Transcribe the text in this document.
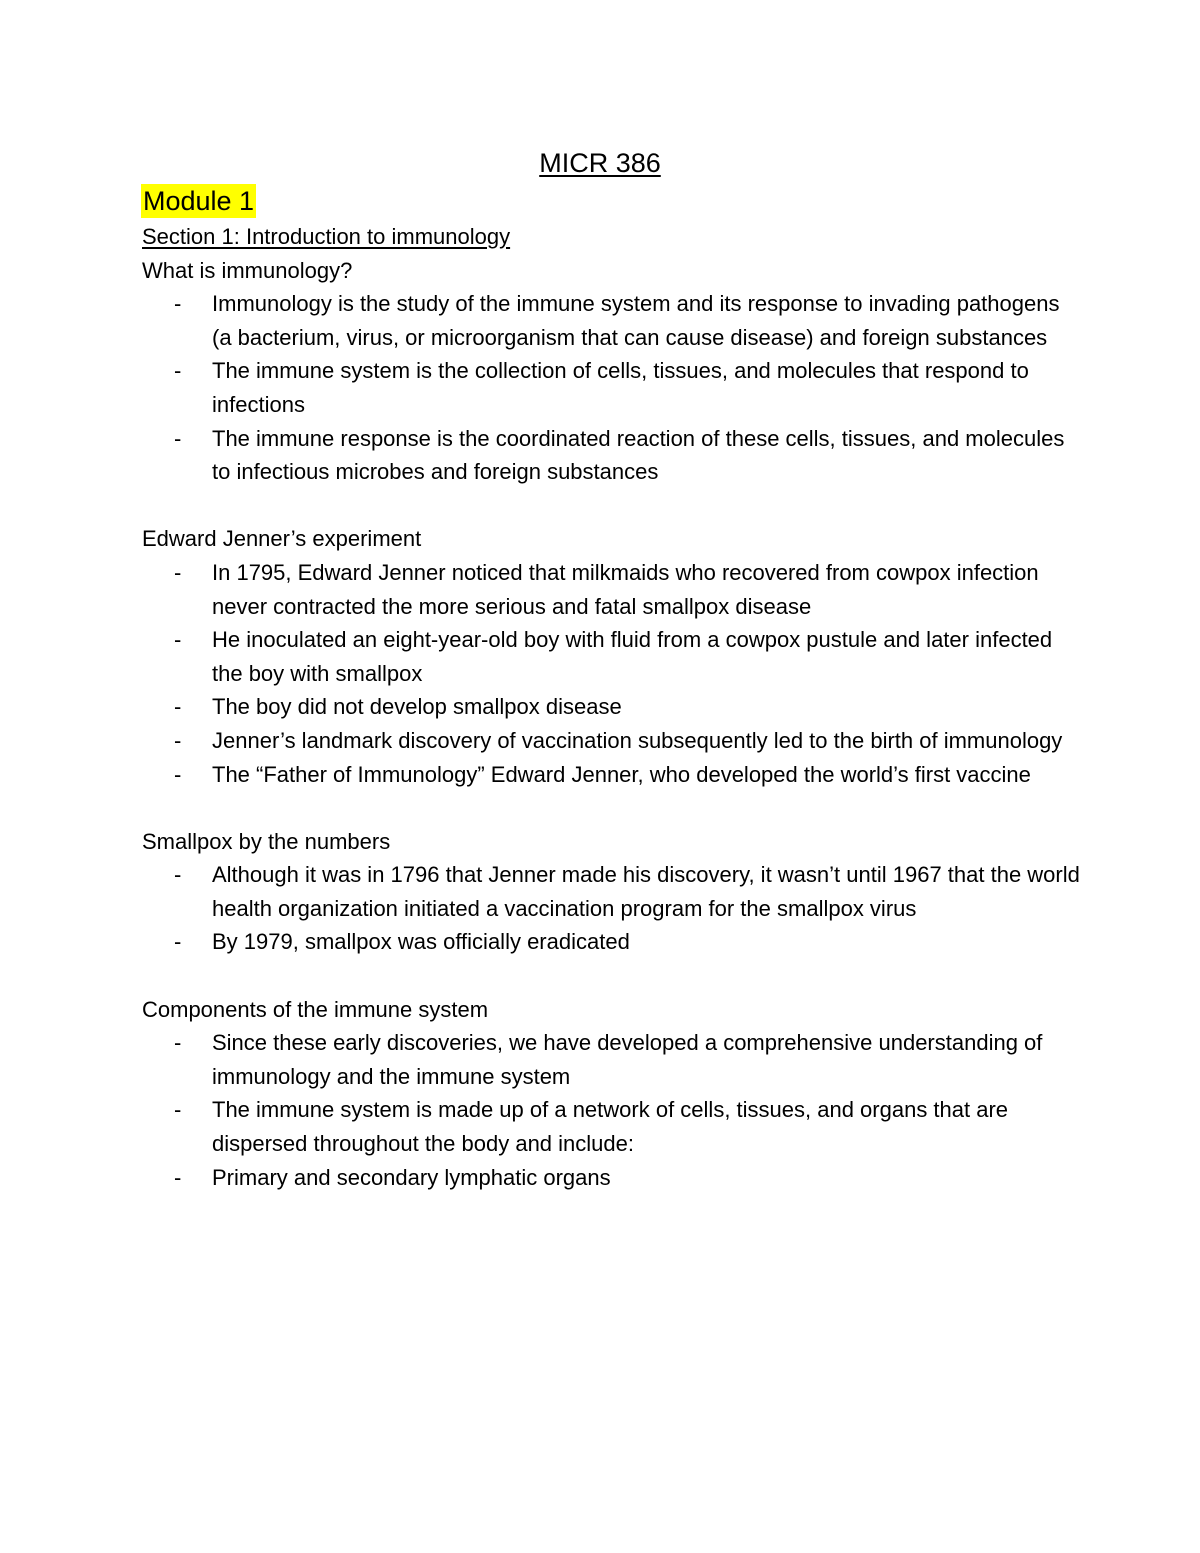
MICR 386
Module 1

Section 1: Introduction to immunology

What is immunology?

- Immunology is the study of the immune system and its response to invading pathogens (a bacterium, virus, or microorganism that can cause disease) and foreign substances
- The immune system is the collection of cells, tissues, and molecules that respond to infections
- The immune response is the coordinated reaction of these cells, tissues, and molecules to infectious microbes and foreign substances

Edward Jenner’s experiment

- In 1795, Edward Jenner noticed that milkmaids who recovered from cowpox infection never contracted the more serious and fatal smallpox disease
- He inoculated an eight-year-old boy with fluid from a cowpox pustule and later infected the boy with smallpox
- The boy did not develop smallpox disease
- Jenner’s landmark discovery of vaccination subsequently led to the birth of immunology
- The “Father of Immunology” Edward Jenner, who developed the world’s first vaccine

Smallpox by the numbers

- Although it was in 1796 that Jenner made his discovery, it wasn’t until 1967 that the world health organization initiated a vaccination program for the smallpox virus
- By 1979, smallpox was officially eradicated

Components of the immune system

- Since these early discoveries, we have developed a comprehensive understanding of immunology and the immune system
- The immune system is made up of a network of cells, tissues, and organs that are dispersed throughout the body and include:
- Primary and secondary lymphatic organs
